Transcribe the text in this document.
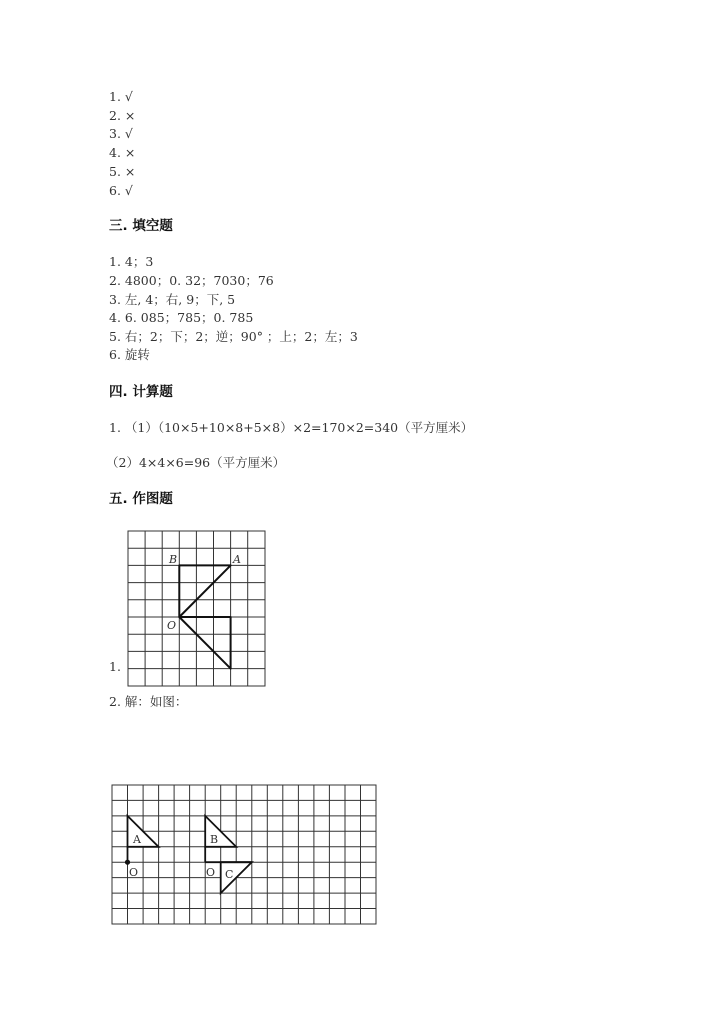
1. √
2. ×
3. √
4. ×
5. ×
6. √
三. 填空题
1. 4；3
2. 4800；0. 32；7030；76
3. 左, 4；右, 9；下, 5
4. 6. 085；785；0. 785
5. 右；2；下；2；逆；90° ；上；2；左；3
6. 旋转
四. 计算题
1. （1）（10×5+10×8+5×8）×2=170×2=340（平方厘米）
（2）4×4×6=96（平方厘米）
五. 作图题
1.
B	A
O
2. 解：如图：
A	B
C
O	O
